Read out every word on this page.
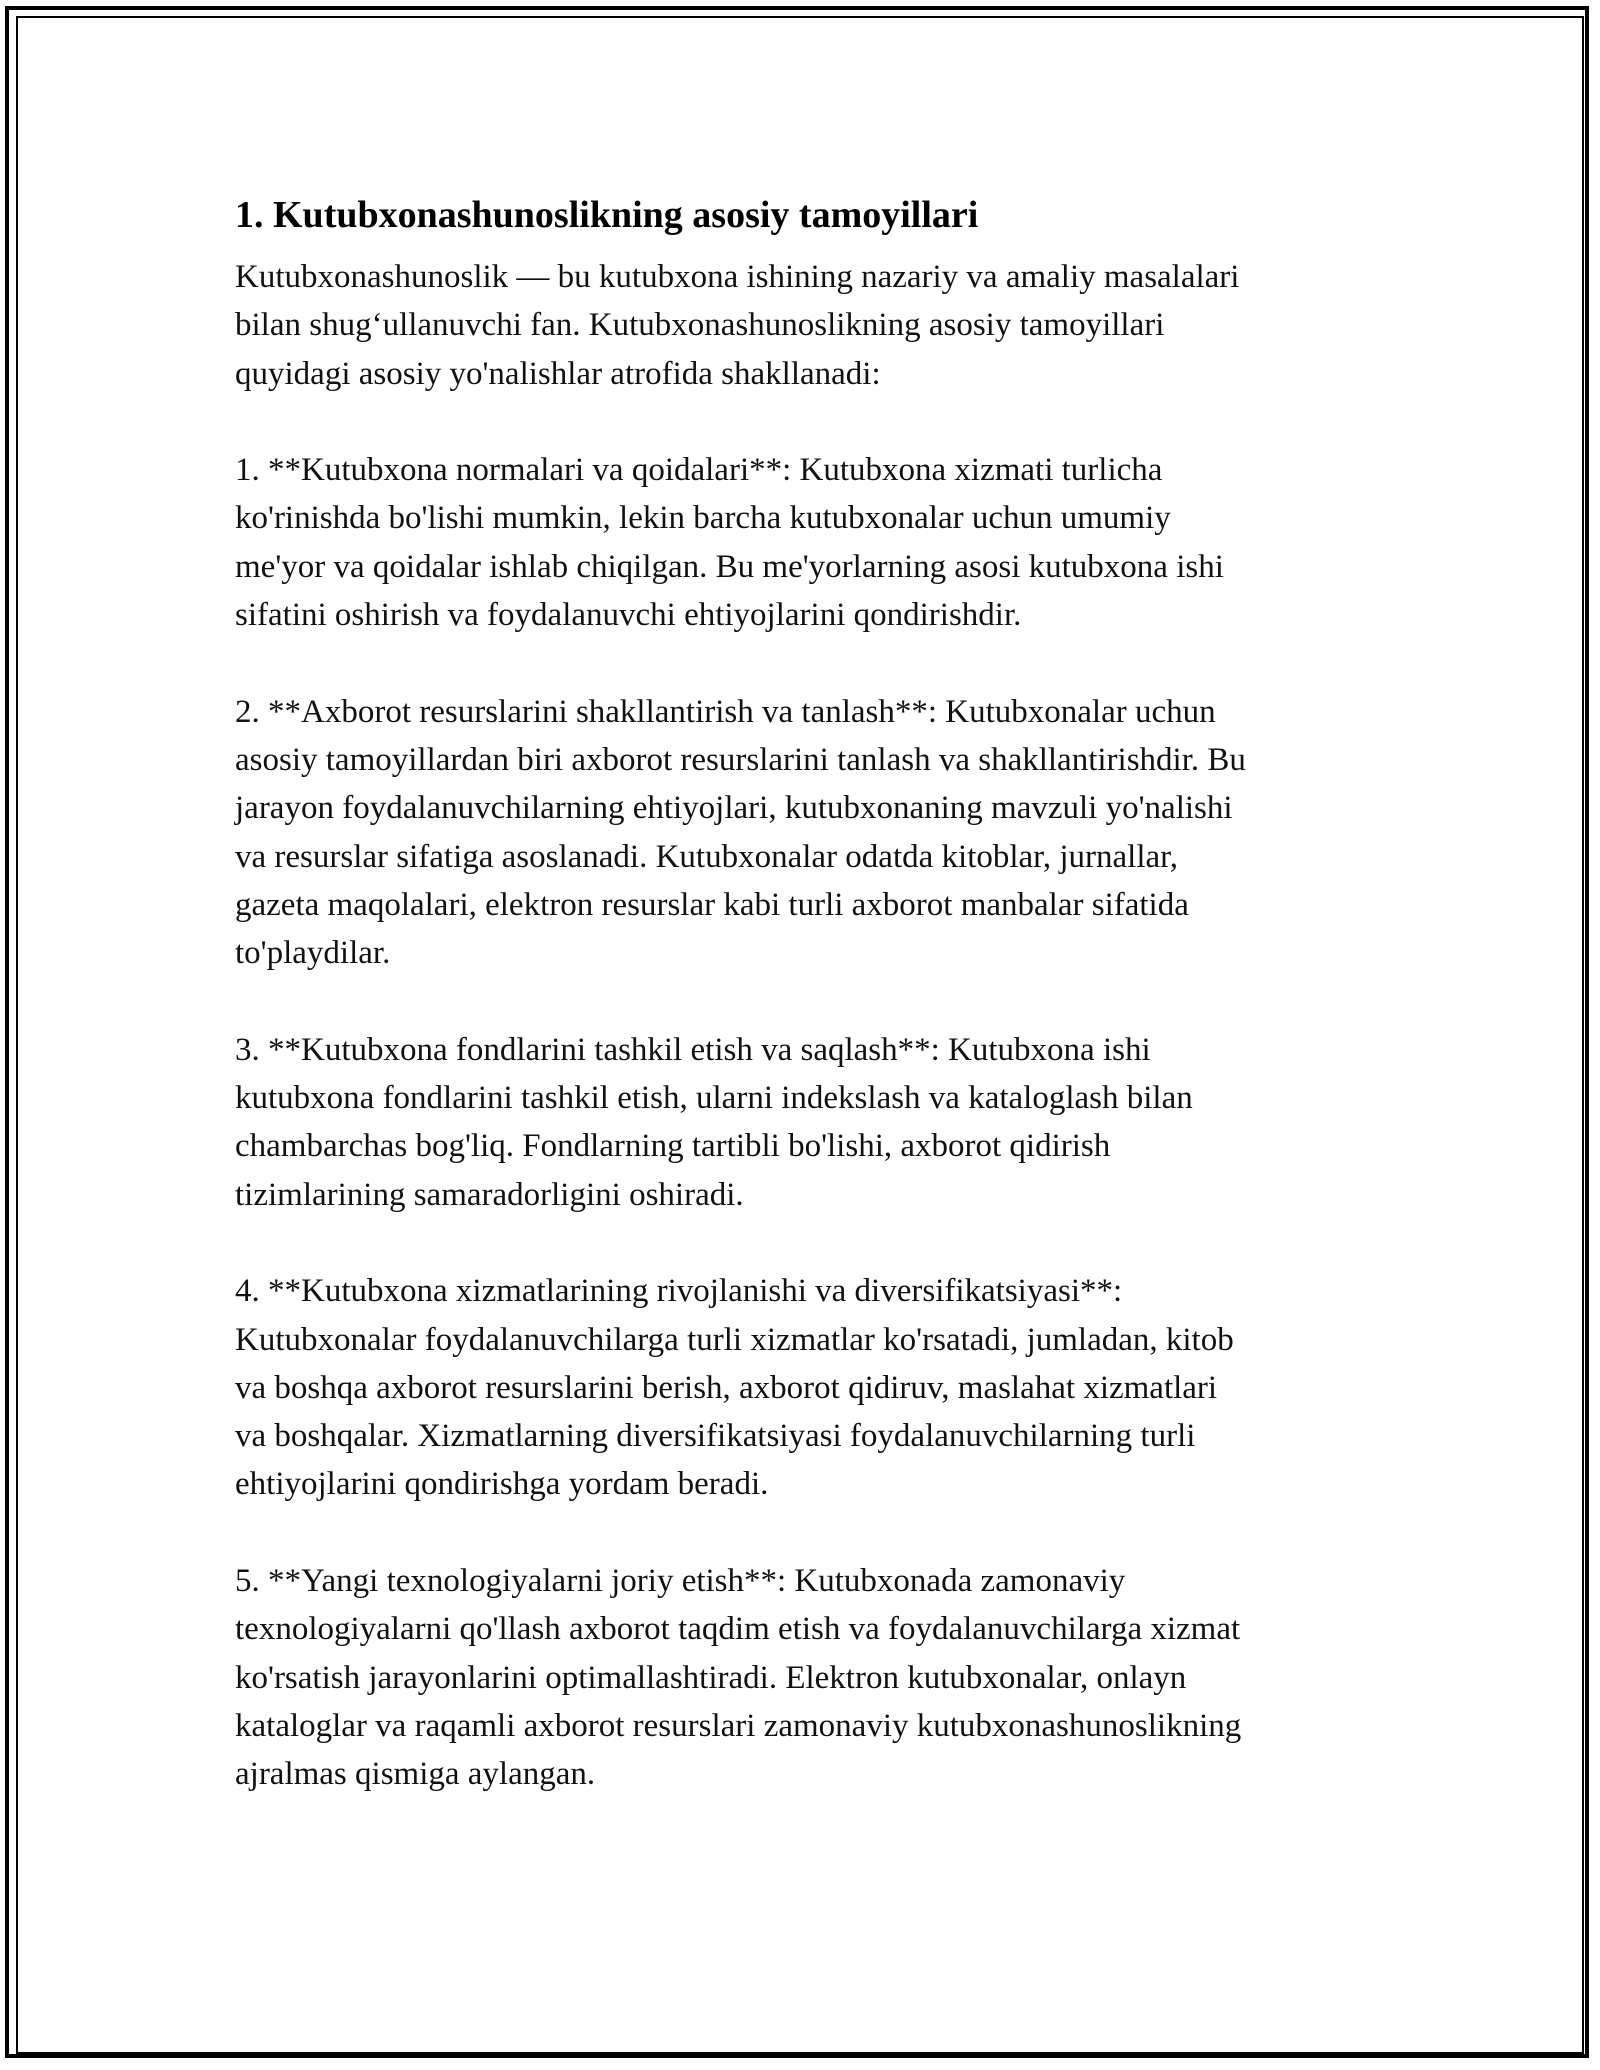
1. Kutubxonashunoslikning asosiy tamoyillari

Kutubxonashunoslik — bu kutubxona ishining nazariy va amaliy masalalari
bilan shug‘ullanuvchi fan. Kutubxonashunoslikning asosiy tamoyillari
quyidagi asosiy yo'nalishlar atrofida shakllanadi:

1. **Kutubxona normalari va qoidalari**: Kutubxona xizmati turlicha
ko'rinishda bo'lishi mumkin, lekin barcha kutubxonalar uchun umumiy
me'yor va qoidalar ishlab chiqilgan. Bu me'yorlarning asosi kutubxona ishi
sifatini oshirish va foydalanuvchi ehtiyojlarini qondirishdir.

2. **Axborot resurslarini shakllantirish va tanlash**: Kutubxonalar uchun
asosiy tamoyillardan biri axborot resurslarini tanlash va shakllantirishdir. Bu
jarayon foydalanuvchilarning ehtiyojlari, kutubxonaning mavzuli yo'nalishi
va resurslar sifatiga asoslanadi. Kutubxonalar odatda kitoblar, jurnallar,
gazeta maqolalari, elektron resurslar kabi turli axborot manbalar sifatida
to'playdilar.

3. **Kutubxona fondlarini tashkil etish va saqlash**: Kutubxona ishi
kutubxona fondlarini tashkil etish, ularni indekslash va kataloglash bilan
chambarchas bog'liq. Fondlarning tartibli bo'lishi, axborot qidirish
tizimlarining samaradorligini oshiradi.

4. **Kutubxona xizmatlarining rivojlanishi va diversifikatsiyasi**:
Kutubxonalar foydalanuvchilarga turli xizmatlar ko'rsatadi, jumladan, kitob
va boshqa axborot resurslarini berish, axborot qidiruv, maslahat xizmatlari
va boshqalar. Xizmatlarning diversifikatsiyasi foydalanuvchilarning turli
ehtiyojlarini qondirishga yordam beradi.

5. **Yangi texnologiyalarni joriy etish**: Kutubxonada zamonaviy
texnologiyalarni qo'llash axborot taqdim etish va foydalanuvchilarga xizmat
ko'rsatish jarayonlarini optimallashtiradi. Elektron kutubxonalar, onlayn
kataloglar va raqamli axborot resurslari zamonaviy kutubxonashunoslikning
ajralmas qismiga aylangan.
